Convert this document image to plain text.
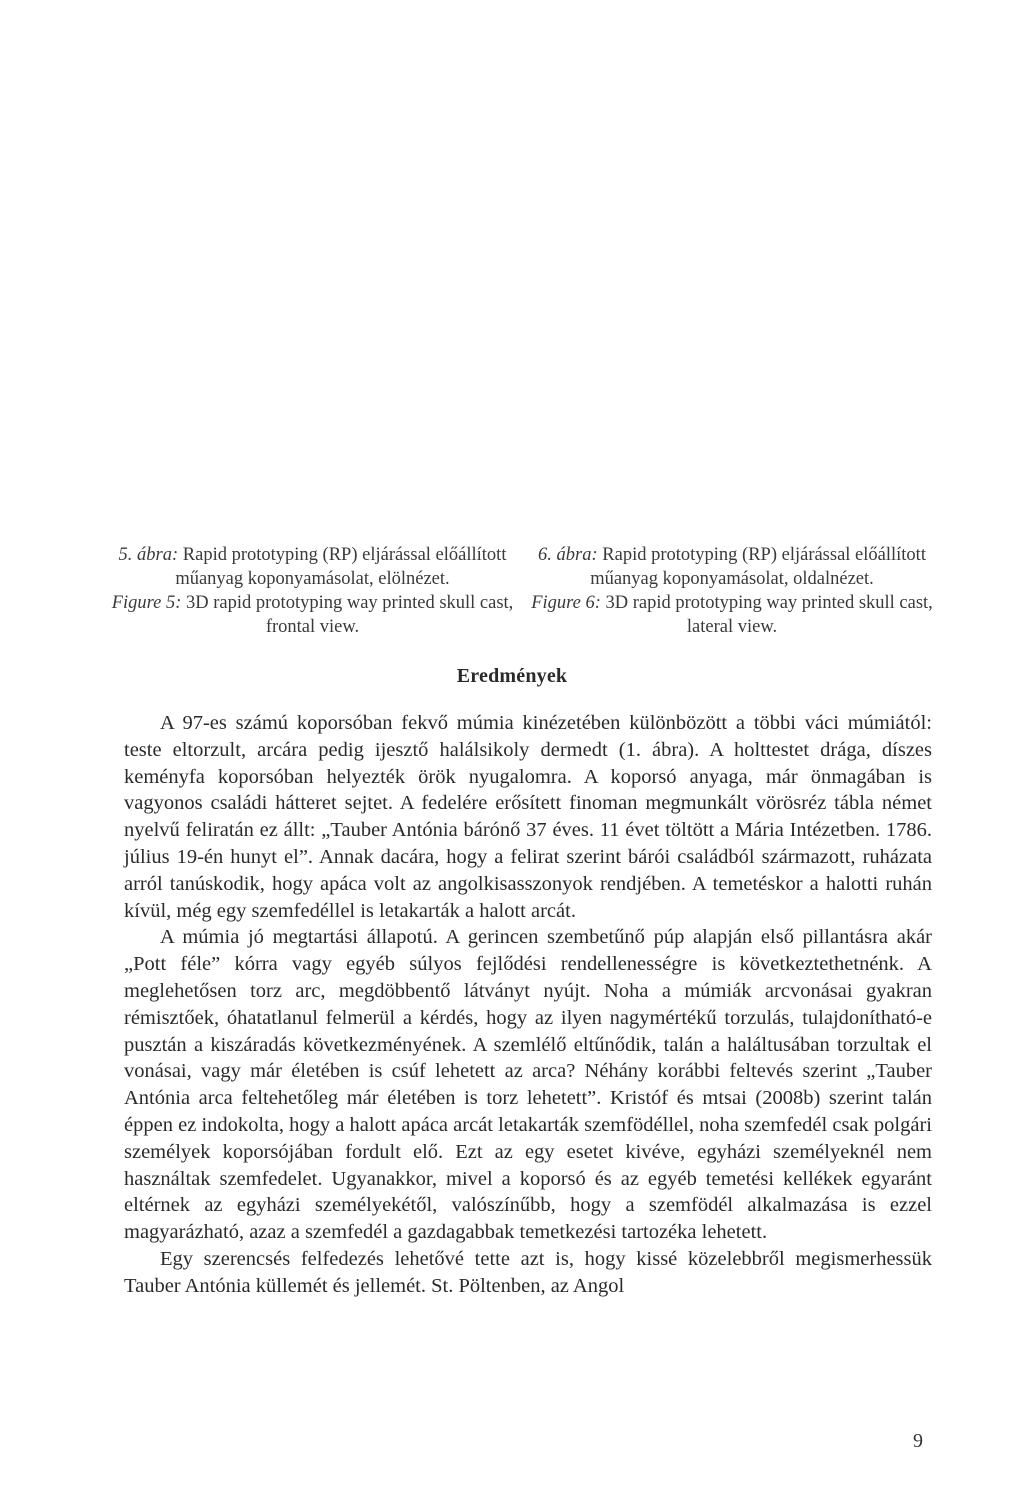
5. ábra: Rapid prototyping (RP) eljárással előállított műanyag koponyamásolat, elölnézet.
Figure 5: 3D rapid prototyping way printed skull cast, frontal view.
6. ábra: Rapid prototyping (RP) eljárással előállított műanyag koponyamásolat, oldalnézet.
Figure 6: 3D rapid prototyping way printed skull cast, lateral view.
Eredmények

A 97-es számú koporsóban fekvő múmia kinézetében különbözött a többi váci múmiától: teste eltorzult, arcára pedig ijesztő halálsikoly dermedt (1. ábra). A holttestet drága, díszes keményfa koporsóban helyezték örök nyugalomra. A koporsó anyaga, már önmagában is vagyonos családi hátteret sejtet. A fedelére erősített finoman megmunkált vörösréz tábla német nyelvű feliratán ez állt: „Tauber Antónia bárónő 37 éves. 11 évet töltött a Mária Intézetben. 1786. július 19-én hunyt el”. Annak dacára, hogy a felirat szerint bárói családból származott, ruházata arról tanúskodik, hogy apáca volt az angolkisasszonyok rendjében. A temetéskor a halotti ruhán kívül, még egy szemfedéllel is letakarták a halott arcát.

A múmia jó megtartási állapotú. A gerincen szembetűnő púp alapján első pillantásra akár „Pott féle” kórra vagy egyéb súlyos fejlődési rendellenességre is következtethetnénk. A meglehetősen torz arc, megdöbbentő látványt nyújt. Noha a múmiák arcvonásai gyakran rémisztőek, óhatatlanul felmerül a kérdés, hogy az ilyen nagymértékű torzulás, tulajdonítható-e pusztán a kiszáradás következményének. A szemlélő eltűnődik, talán a haláltusában torzultak el vonásai, vagy már életében is csúf lehetett az arca? Néhány korábbi feltevés szerint „Tauber Antónia arca feltehetőleg már életében is torz lehetett”. Kristóf és mtsai (2008b) szerint talán éppen ez indokolta, hogy a halott apáca arcát letakarták szemfödéllel, noha szemfedél csak polgári személyek koporsójában fordult elő. Ezt az egy esetet kivéve, egyházi személyeknél nem használtak szemfedelet. Ugyanakkor, mivel a koporsó és az egyéb temetési kellékek egyaránt eltérnek az egyházi személyekétől, valószínűbb, hogy a szemfödél alkalmazása is ezzel magyarázható, azaz a szemfedél a gazdagabbak temetkezési tartozéka lehetett.

Egy szerencsés felfedezés lehetővé tette azt is, hogy kissé közelebbről megismerhessük Tauber Antónia küllemét és jellemét. St. Pöltenben, az Angol

9
